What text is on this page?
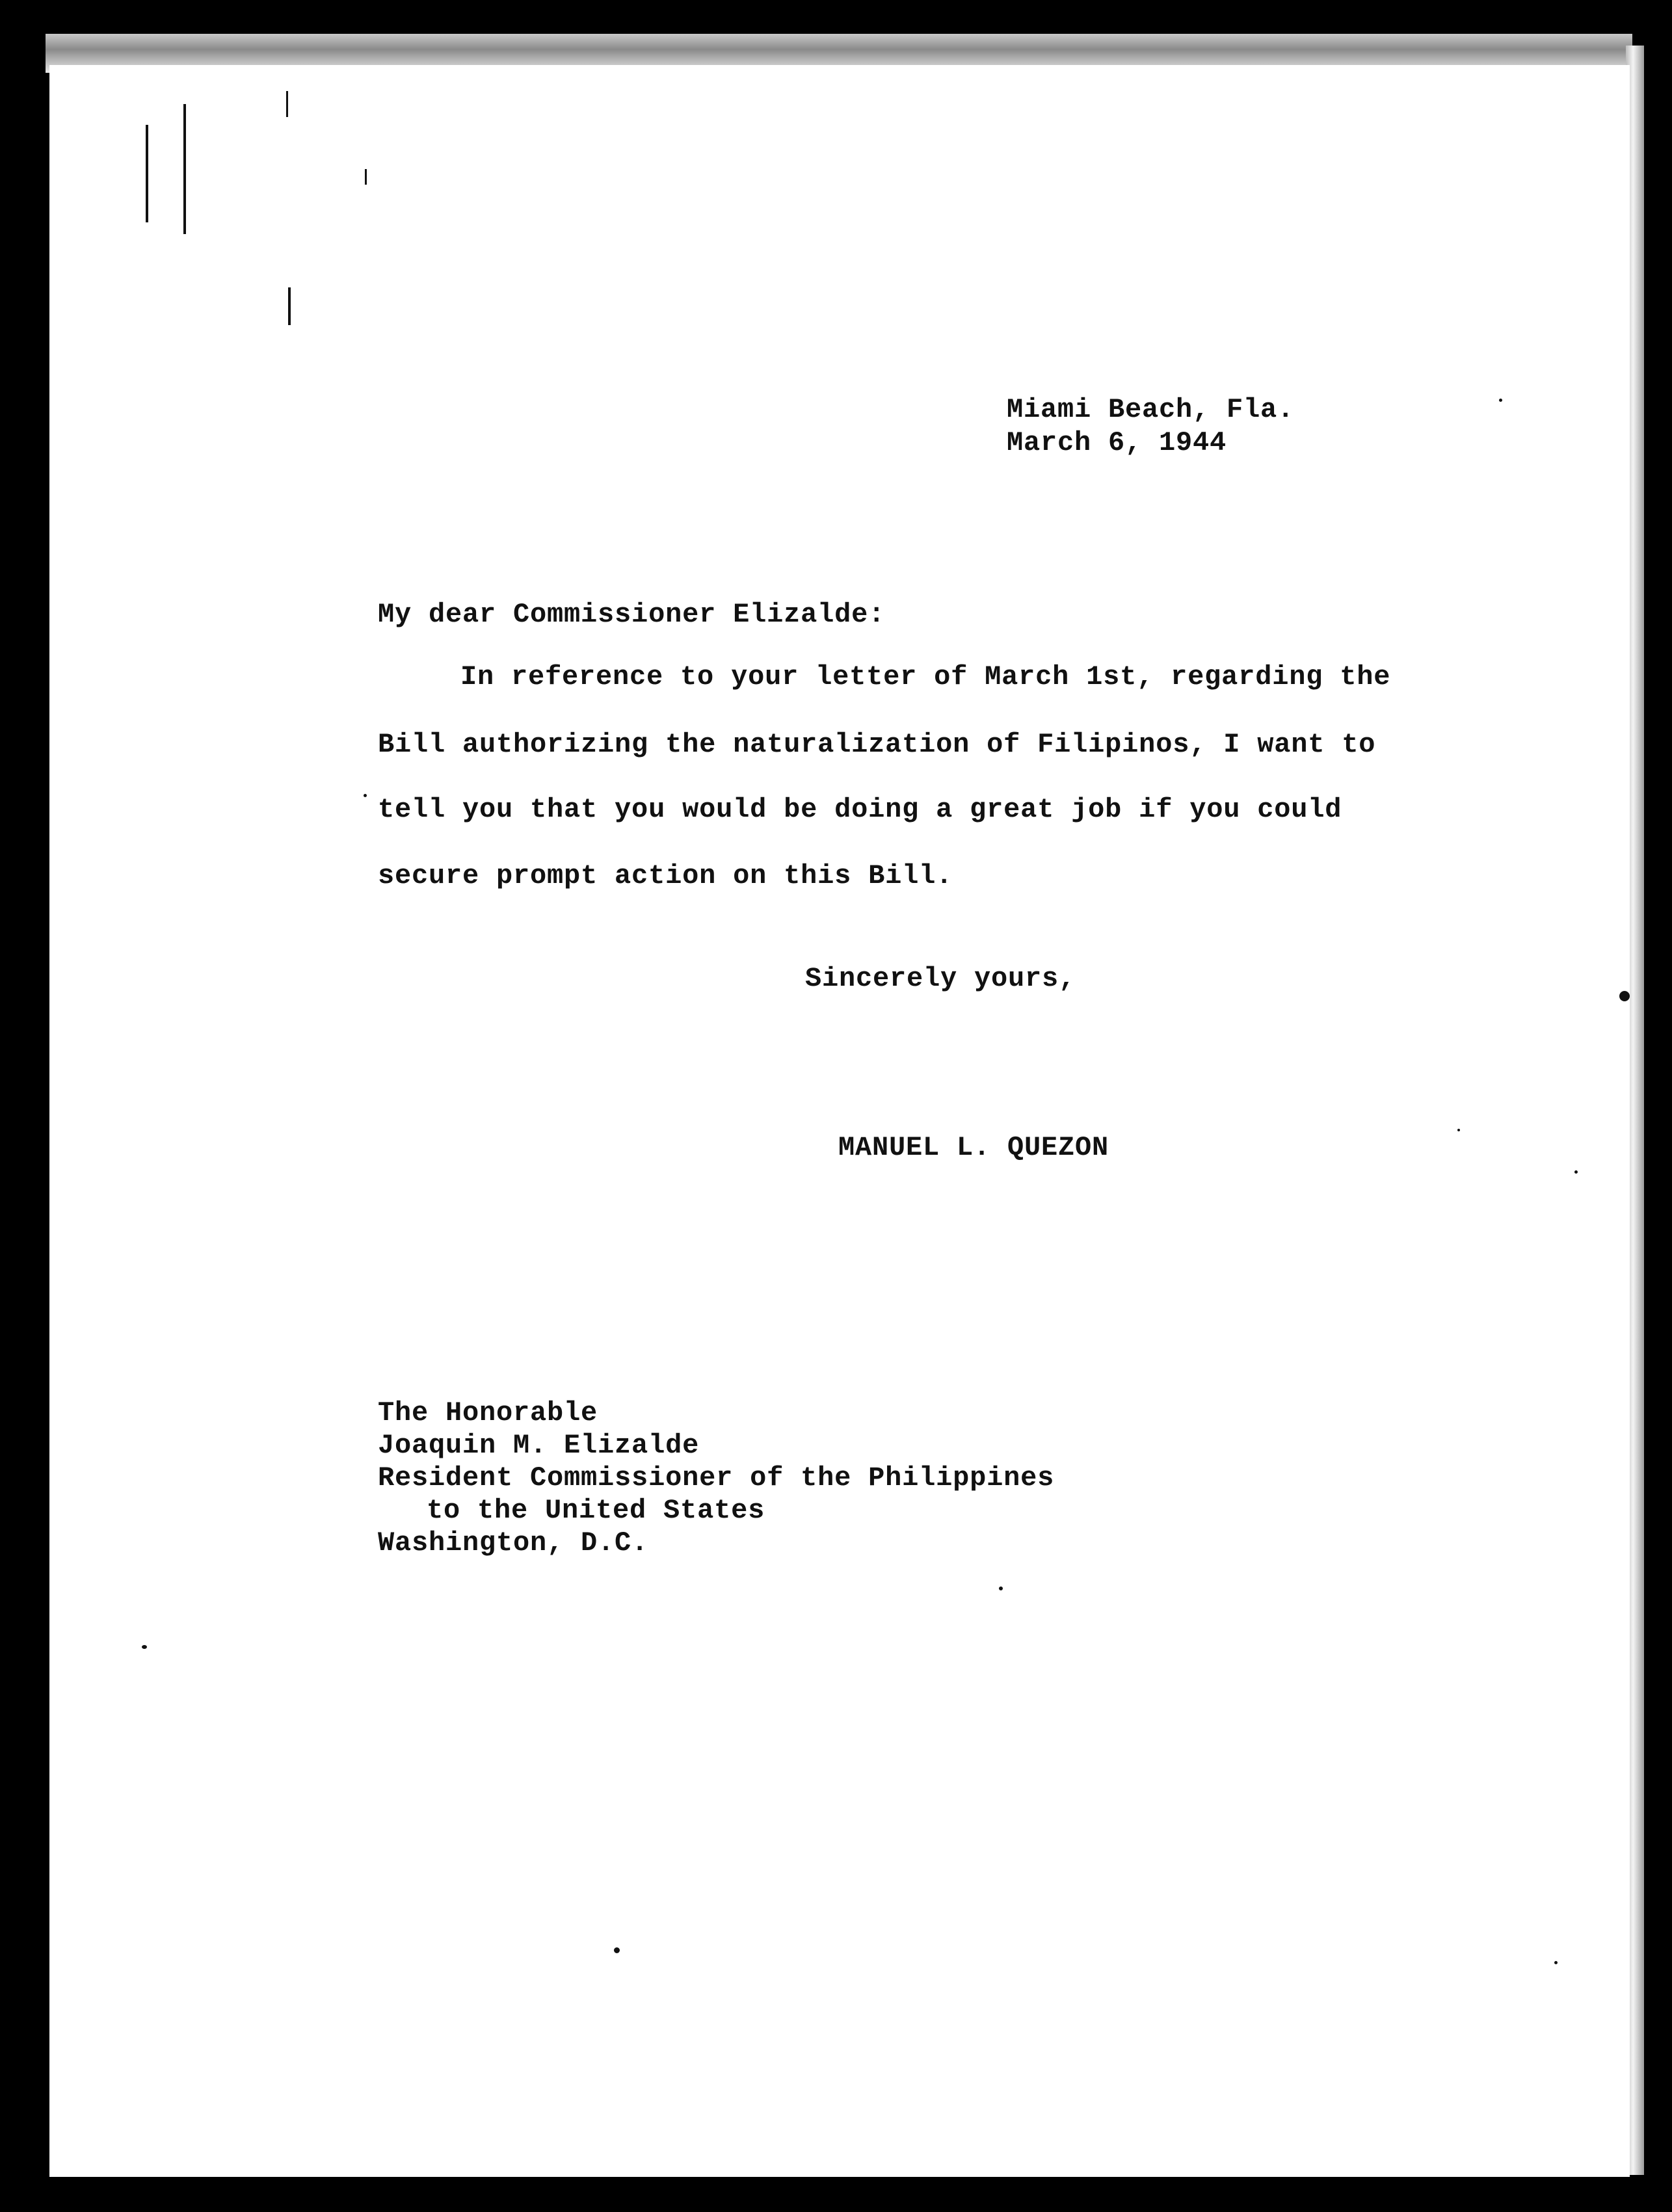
Miami Beach, Fla.
March 6, 1944
My dear Commissioner Elizalde:
In reference to your letter of March 1st, regarding the
Bill authorizing the naturalization of Filipinos, I want to
tell you that you would be doing a great job if you could
secure prompt action on this Bill.
Sincerely yours,
MANUEL L. QUEZON
The Honorable
Joaquin M. Elizalde
Resident Commissioner of the Philippines
to the United States
Washington, D.C.
